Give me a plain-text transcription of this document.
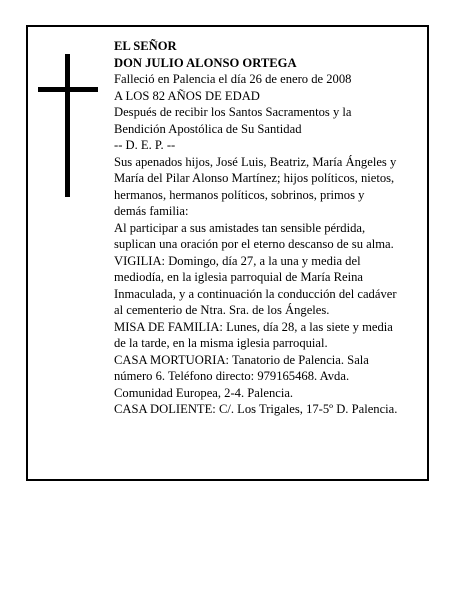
EL SEÑOR

DON JULIO ALONSO ORTEGA

Falleció en Palencia el día 26 de enero de 2008

A LOS 82 AÑOS DE EDAD

Después de recibir los Santos Sacramentos y la

Bendición Apostólica de Su Santidad

-- D. E. P. --

Sus apenados hijos, José Luis, Beatriz, María Ángeles y

María del Pilar Alonso Martínez; hijos políticos, nietos,

hermanos, hermanos políticos, sobrinos, primos y

demás familia:

Al participar a sus amistades tan sensible pérdida,

suplican una oración por el eterno descanso de su alma.

VIGILIA: Domingo, día 27, a la una y media del

mediodía, en la iglesia parroquial de María Reina

Inmaculada, y a continuación la conducción del cadáver

al cementerio de Ntra. Sra. de los Ángeles.

MISA DE FAMILIA: Lunes, día 28, a las siete y media

de la tarde, en la misma iglesia parroquial.

CASA MORTUORIA: Tanatorio de Palencia. Sala

número 6. Teléfono directo: 979165468. Avda.

Comunidad Europea, 2-4. Palencia.

CASA DOLIENTE: C/. Los Trigales, 17-5º D. Palencia.
